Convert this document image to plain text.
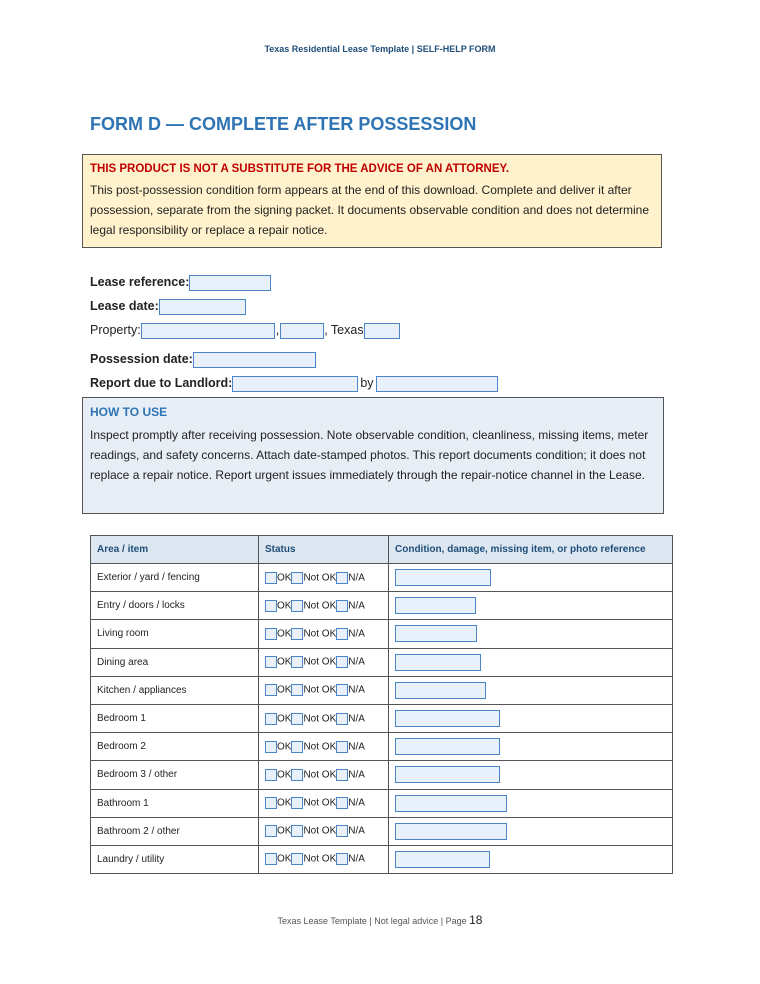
Texas Residential Lease Template | SELF-HELP FORM
FORM D — COMPLETE AFTER POSSESSION
THIS PRODUCT IS NOT A SUBSTITUTE FOR THE ADVICE OF AN ATTORNEY.
This post-possession condition form appears at the end of this download. Complete and deliver it after possession, separate from the signing packet. It documents observable condition and does not determine legal responsibility or replace a repair notice.
Lease reference:
Lease date:
Property:	,	, Texas
Possession date:
Report due to Landlord:	by
HOW TO USE
Inspect promptly after receiving possession. Note observable condition, cleanliness, missing items, meter readings, and safety concerns. Attach date-stamped photos. This report documents condition; it does not replace a repair notice. Report urgent issues immediately through the repair-notice channel in the Lease.
Area / item	Status	Condition, damage, missing item, or photo reference
Exterior / yard / fencing	OK Not OK N/A	
Entry / doors / locks	OK Not OK N/A	
Living room	OK Not OK N/A	
Dining area	OK Not OK N/A	
Kitchen / appliances	OK Not OK N/A	
Bedroom 1	OK Not OK N/A	
Bedroom 2	OK Not OK N/A	
Bedroom 3 / other	OK Not OK N/A	
Bathroom 1	OK Not OK N/A	
Bathroom 2 / other	OK Not OK N/A	
Laundry / utility	OK Not OK N/A	
Texas Lease Template | Not legal advice | Page 18
